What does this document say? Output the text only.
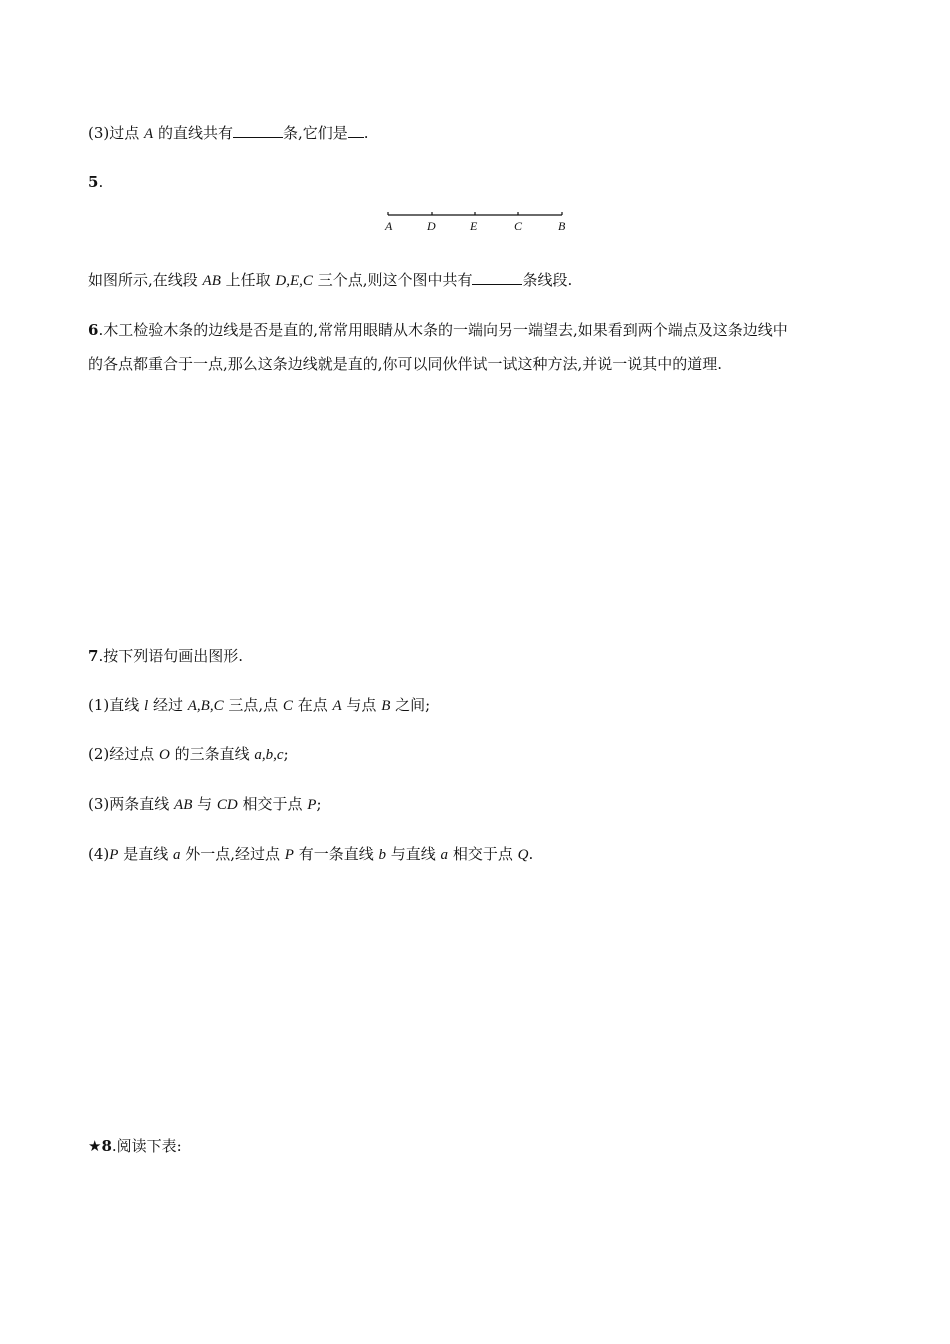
(3)过点 A 的直线共有	条,它们是 .
5.
A	D	E	C	B
如图所示,在线段 AB 上任取 D,E,C 三个点,则这个图中共有	条线段.
6.木工检验木条的边线是否是直的,常常用眼睛从木条的一端向另一端望去,如果看到两个端点及这条边线中
的各点都重合于一点,那么这条边线就是直的,你可以同伙伴试一试这种方法,并说一说其中的道理.
7.按下列语句画出图形.
(1)直线 l 经过 A,B,C 三点,点 C 在点 A 与点 B 之间;
(2)经过点 O 的三条直线 a,b,c;
(3)两条直线 AB 与 CD 相交于点 P;
(4)P 是直线 a 外一点,经过点 P 有一条直线 b 与直线 a 相交于点 Q.
★8.阅读下表:
